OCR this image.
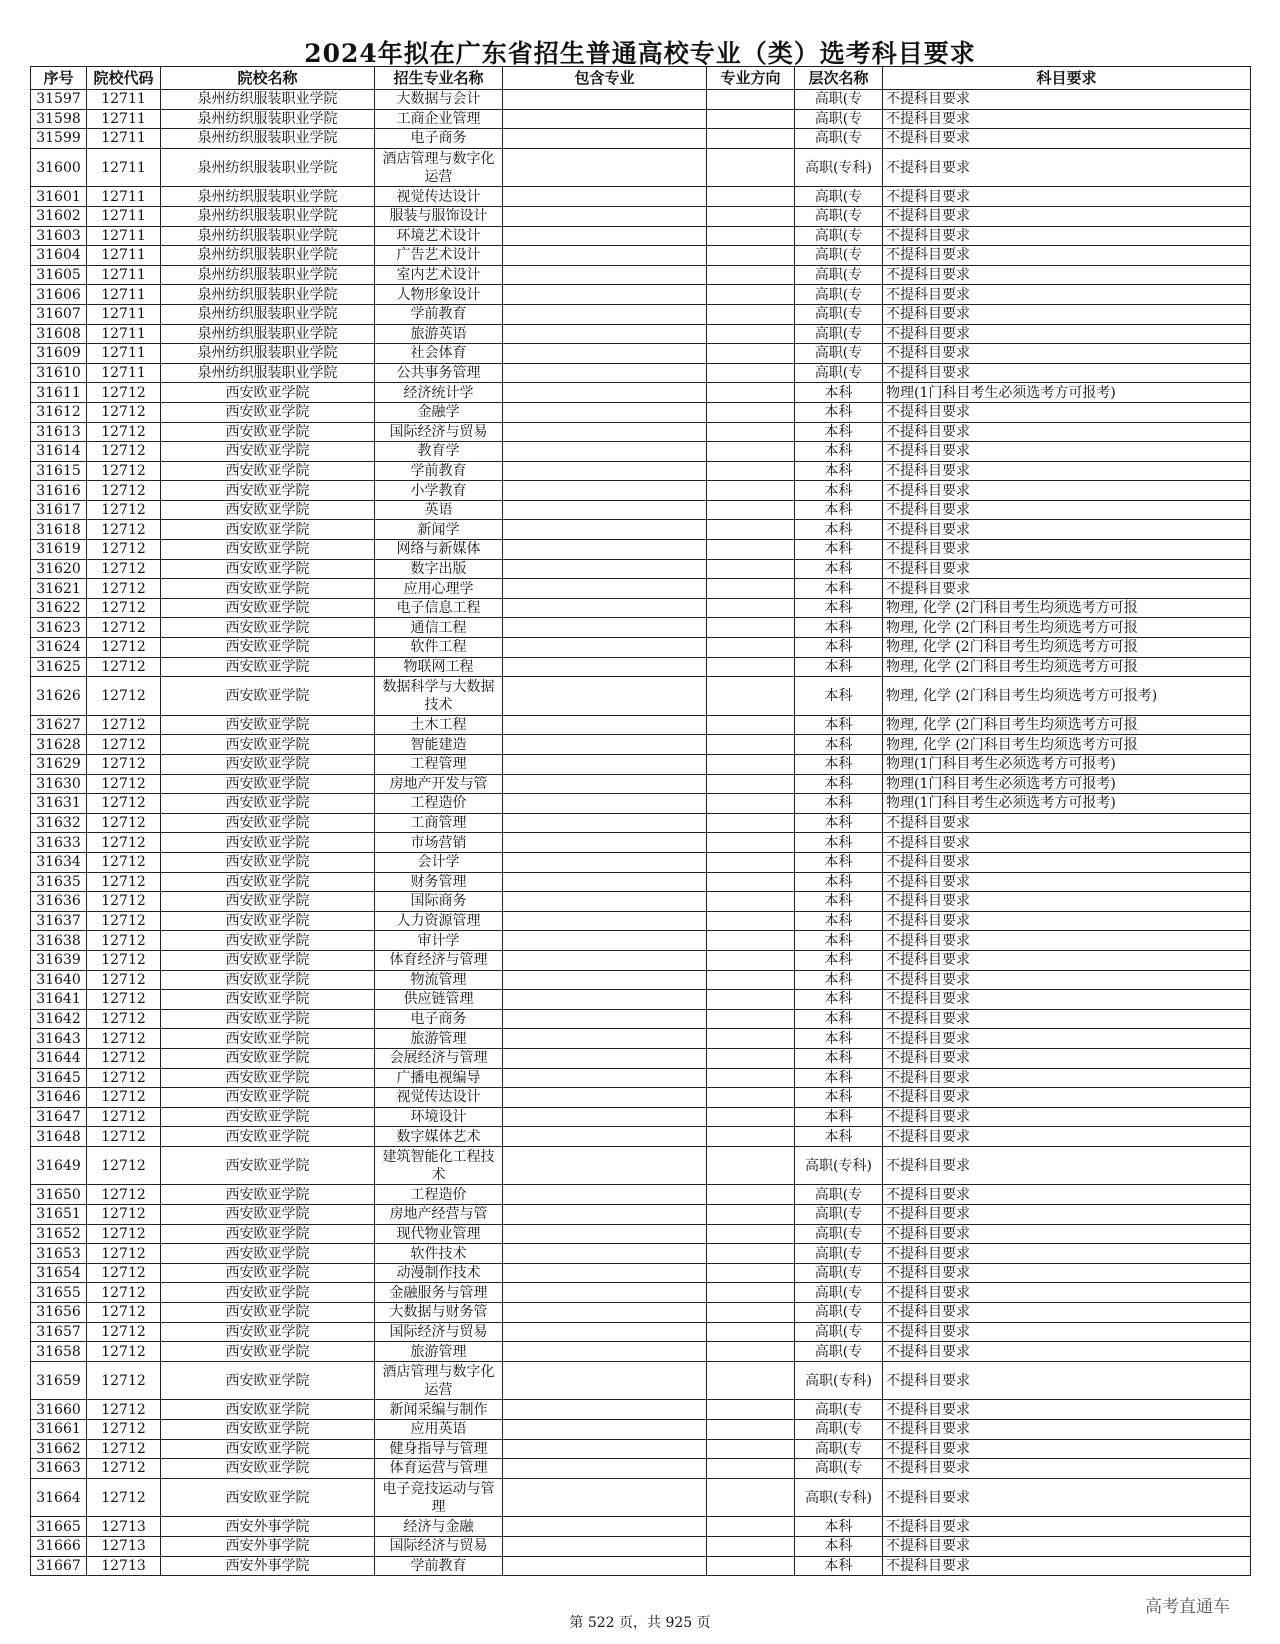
2024年拟在广东省招生普通高校专业（类）选考科目要求
序号	院校代码	院校名称	招生专业名称	包含专业	专业方向	层次名称	科目要求
31597	12711	泉州纺织服装职业学院	大数据与会计			高职(专	不提科目要求
31598	12711	泉州纺织服装职业学院	工商企业管理			高职(专	不提科目要求
31599	12711	泉州纺织服装职业学院	电子商务			高职(专	不提科目要求
31600	12711	泉州纺织服装职业学院	酒店管理与数字化运营			高职(专科)	不提科目要求
31601	12711	泉州纺织服装职业学院	视觉传达设计			高职(专	不提科目要求
31602	12711	泉州纺织服装职业学院	服装与服饰设计			高职(专	不提科目要求
31603	12711	泉州纺织服装职业学院	环境艺术设计			高职(专	不提科目要求
31604	12711	泉州纺织服装职业学院	广告艺术设计			高职(专	不提科目要求
31605	12711	泉州纺织服装职业学院	室内艺术设计			高职(专	不提科目要求
31606	12711	泉州纺织服装职业学院	人物形象设计			高职(专	不提科目要求
31607	12711	泉州纺织服装职业学院	学前教育			高职(专	不提科目要求
31608	12711	泉州纺织服装职业学院	旅游英语			高职(专	不提科目要求
31609	12711	泉州纺织服装职业学院	社会体育			高职(专	不提科目要求
31610	12711	泉州纺织服装职业学院	公共事务管理			高职(专	不提科目要求
31611	12712	西安欧亚学院	经济统计学			本科	物理(1门科目考生必须选考方可报考)
31612	12712	西安欧亚学院	金融学			本科	不提科目要求
31613	12712	西安欧亚学院	国际经济与贸易			本科	不提科目要求
31614	12712	西安欧亚学院	教育学			本科	不提科目要求
31615	12712	西安欧亚学院	学前教育			本科	不提科目要求
31616	12712	西安欧亚学院	小学教育			本科	不提科目要求
31617	12712	西安欧亚学院	英语			本科	不提科目要求
31618	12712	西安欧亚学院	新闻学			本科	不提科目要求
31619	12712	西安欧亚学院	网络与新媒体			本科	不提科目要求
31620	12712	西安欧亚学院	数字出版			本科	不提科目要求
31621	12712	西安欧亚学院	应用心理学			本科	不提科目要求
31622	12712	西安欧亚学院	电子信息工程			本科	物理, 化学 (2门科目考生均须选考方可报
31623	12712	西安欧亚学院	通信工程			本科	物理, 化学 (2门科目考生均须选考方可报
31624	12712	西安欧亚学院	软件工程			本科	物理, 化学 (2门科目考生均须选考方可报
31625	12712	西安欧亚学院	物联网工程			本科	物理, 化学 (2门科目考生均须选考方可报
31626	12712	西安欧亚学院	数据科学与大数据技术			本科	物理, 化学 (2门科目考生均须选考方可报考)
31627	12712	西安欧亚学院	土木工程			本科	物理, 化学 (2门科目考生均须选考方可报
31628	12712	西安欧亚学院	智能建造			本科	物理, 化学 (2门科目考生均须选考方可报
31629	12712	西安欧亚学院	工程管理			本科	物理(1门科目考生必须选考方可报考)
31630	12712	西安欧亚学院	房地产开发与管			本科	物理(1门科目考生必须选考方可报考)
31631	12712	西安欧亚学院	工程造价			本科	物理(1门科目考生必须选考方可报考)
31632	12712	西安欧亚学院	工商管理			本科	不提科目要求
31633	12712	西安欧亚学院	市场营销			本科	不提科目要求
31634	12712	西安欧亚学院	会计学			本科	不提科目要求
31635	12712	西安欧亚学院	财务管理			本科	不提科目要求
31636	12712	西安欧亚学院	国际商务			本科	不提科目要求
31637	12712	西安欧亚学院	人力资源管理			本科	不提科目要求
31638	12712	西安欧亚学院	审计学			本科	不提科目要求
31639	12712	西安欧亚学院	体育经济与管理			本科	不提科目要求
31640	12712	西安欧亚学院	物流管理			本科	不提科目要求
31641	12712	西安欧亚学院	供应链管理			本科	不提科目要求
31642	12712	西安欧亚学院	电子商务			本科	不提科目要求
31643	12712	西安欧亚学院	旅游管理			本科	不提科目要求
31644	12712	西安欧亚学院	会展经济与管理			本科	不提科目要求
31645	12712	西安欧亚学院	广播电视编导			本科	不提科目要求
31646	12712	西安欧亚学院	视觉传达设计			本科	不提科目要求
31647	12712	西安欧亚学院	环境设计			本科	不提科目要求
31648	12712	西安欧亚学院	数字媒体艺术			本科	不提科目要求
31649	12712	西安欧亚学院	建筑智能化工程技术			高职(专科)	不提科目要求
31650	12712	西安欧亚学院	工程造价			高职(专	不提科目要求
31651	12712	西安欧亚学院	房地产经营与管			高职(专	不提科目要求
31652	12712	西安欧亚学院	现代物业管理			高职(专	不提科目要求
31653	12712	西安欧亚学院	软件技术			高职(专	不提科目要求
31654	12712	西安欧亚学院	动漫制作技术			高职(专	不提科目要求
31655	12712	西安欧亚学院	金融服务与管理			高职(专	不提科目要求
31656	12712	西安欧亚学院	大数据与财务管			高职(专	不提科目要求
31657	12712	西安欧亚学院	国际经济与贸易			高职(专	不提科目要求
31658	12712	西安欧亚学院	旅游管理			高职(专	不提科目要求
31659	12712	西安欧亚学院	酒店管理与数字化运营			高职(专科)	不提科目要求
31660	12712	西安欧亚学院	新闻采编与制作			高职(专	不提科目要求
31661	12712	西安欧亚学院	应用英语			高职(专	不提科目要求
31662	12712	西安欧亚学院	健身指导与管理			高职(专	不提科目要求
31663	12712	西安欧亚学院	体育运营与管理			高职(专	不提科目要求
31664	12712	西安欧亚学院	电子竞技运动与管理			高职(专科)	不提科目要求
31665	12713	西安外事学院	经济与金融			本科	不提科目要求
31666	12713	西安外事学院	国际经济与贸易			本科	不提科目要求
31667	12713	西安外事学院	学前教育			本科	不提科目要求
第 522 页，共 925 页
高考直通车
